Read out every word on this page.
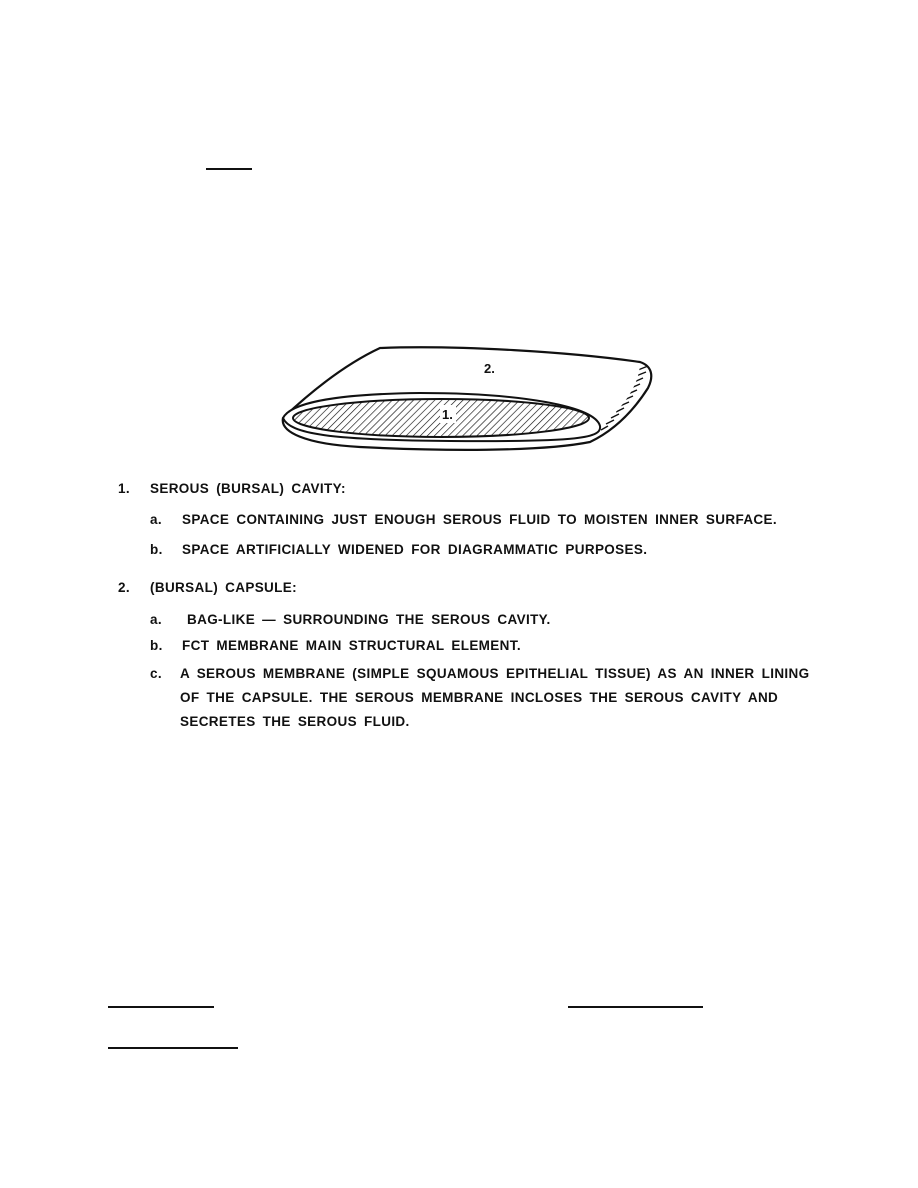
1.
2.
1. SEROUS (BURSAL) CAVITY:
a. SPACE CONTAINING JUST ENOUGH SEROUS FLUID TO MOISTEN INNER SURFACE.
b. SPACE ARTIFICIALLY WIDENED FOR DIAGRAMMATIC PURPOSES.
2. (BURSAL) CAPSULE:
a. BAG-LIKE — SURROUNDING THE SEROUS CAVITY.
b. FCT MEMBRANE MAIN STRUCTURAL ELEMENT.
c. A SEROUS MEMBRANE (SIMPLE SQUAMOUS EPITHELIAL TISSUE) AS AN INNER LINING
OF THE CAPSULE. THE SEROUS MEMBRANE INCLOSES THE SEROUS CAVITY AND
SECRETES THE SEROUS FLUID.
